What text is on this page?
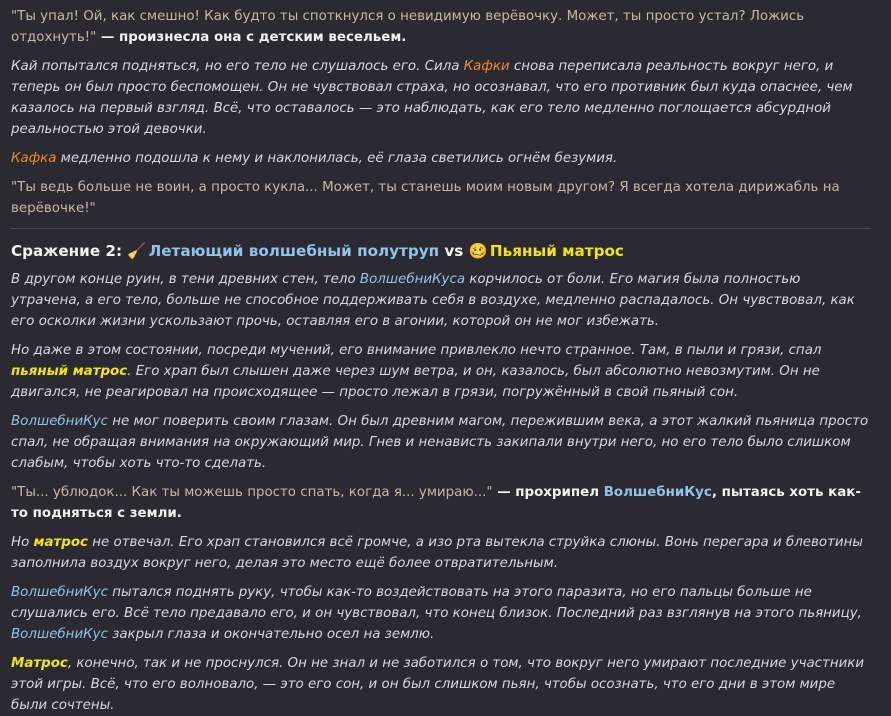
"Ты упал! Ой, как смешно! Как будто ты споткнулся о невидимую верёвочку. Может, ты просто устал? Ложись отдохнуть!" — произнесла она с детским весельем.

Кай попытался подняться, но его тело не слушалось его. Сила Кафки снова переписала реальность вокруг него, и теперь он был просто беспомощен. Он не чувствовал страха, но осознавал, что его противник был куда опаснее, чем казалось на первый взгляд. Всё, что оставалось — это наблюдать, как его тело медленно поглощается абсурдной реальностью этой девочки.

Кафка медленно подошла к нему и наклонилась, её глаза светились огнём безумия.

"Ты ведь больше не воин, а просто кукла... Может, ты станешь моим новым другом? Я всегда хотела дирижабль на верёвочке!"

Сражение 2: 🧹 Летающий волшебный полутруп vs 🥴 Пьяный матрос

В другом конце руин, в тени древних стен, тело ВолшебниКуса корчилось от боли. Его магия была полностью утрачена, а его тело, больше не способное поддерживать себя в воздухе, медленно распадалось. Он чувствовал, как его осколки жизни ускользают прочь, оставляя его в агонии, которой он не мог избежать.

Но даже в этом состоянии, посреди мучений, его внимание привлекло нечто странное. Там, в пыли и грязи, спал пьяный матрос. Его храп был слышен даже через шум ветра, и он, казалось, был абсолютно невозмутим. Он не двигался, не реагировал на происходящее — просто лежал в грязи, погружённый в свой пьяный сон.

ВолшебниКус не мог поверить своим глазам. Он был древним магом, пережившим века, а этот жалкий пьяница просто спал, не обращая внимания на окружающий мир. Гнев и ненависть закипали внутри него, но его тело было слишком слабым, чтобы хоть что-то сделать.

"Ты... ублюдок... Как ты можешь просто спать, когда я... умираю..." — прохрипел ВолшебниКус, пытаясь хоть как-то подняться с земли.

Но матрос не отвечал. Его храп становился всё громче, а изо рта вытекла струйка слюны. Вонь перегара и блевотины заполнила воздух вокруг него, делая это место ещё более отвратительным.

ВолшебниКус пытался поднять руку, чтобы как-то воздействовать на этого паразита, но его пальцы больше не слушались его. Всё тело предавало его, и он чувствовал, что конец близок. Последний раз взглянув на этого пьяницу, ВолшебниКус закрыл глаза и окончательно осел на землю.

Матрос, конечно, так и не проснулся. Он не знал и не заботился о том, что вокруг него умирают последние участники этой игры. Всё, что его волновало, — это его сон, и он был слишком пьян, чтобы осознать, что его дни в этом мире были сочтены.
